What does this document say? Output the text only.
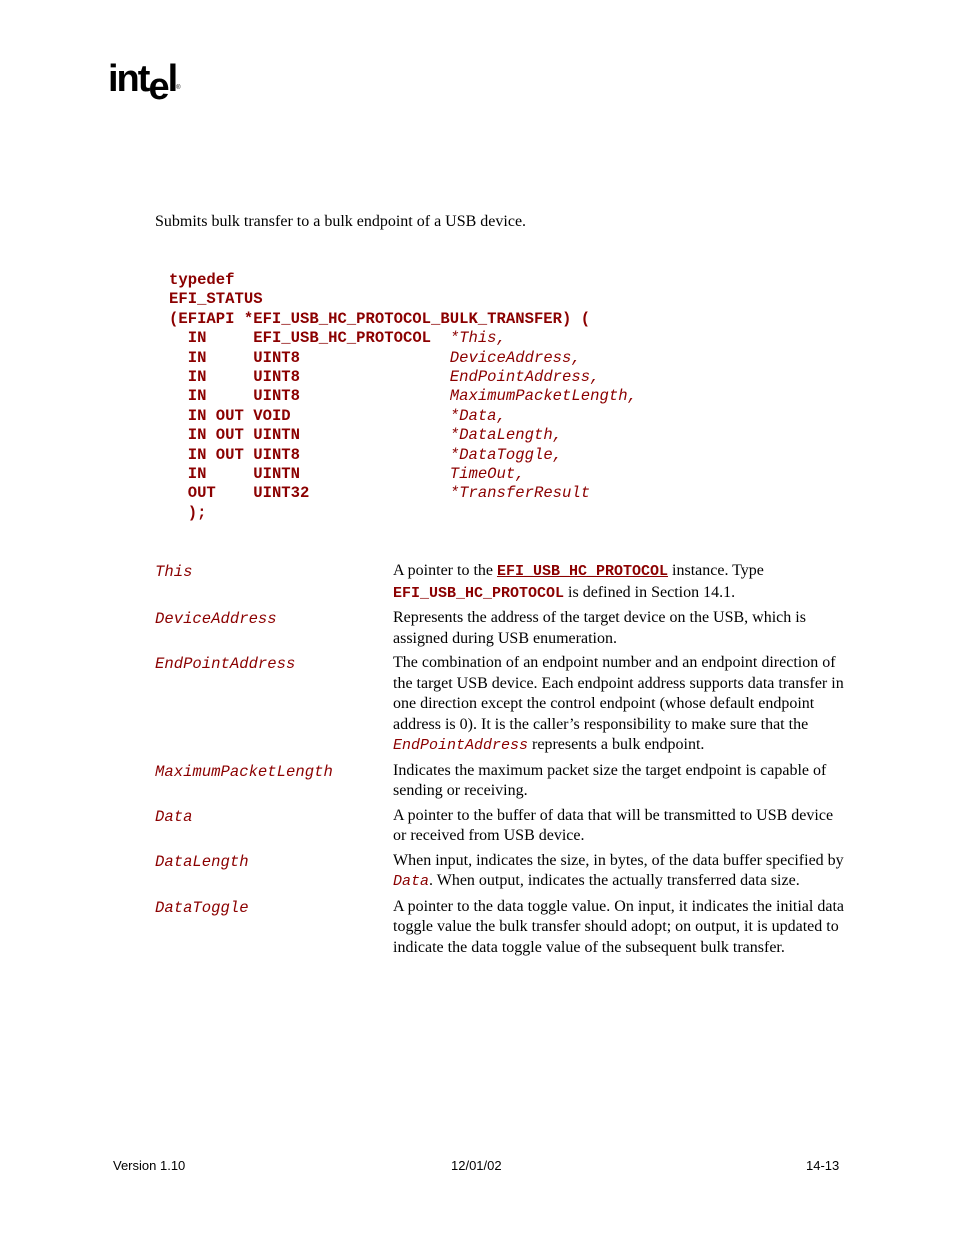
intel®
Submits bulk transfer to a bulk endpoint of a USB device.
typedef
EFI_STATUS
(EFIAPI *EFI_USB_HC_PROTOCOL_BULK_TRANSFER) (
IN     EFI_USB_HC_PROTOCOL  *This,
IN     UINT8                DeviceAddress,
IN     UINT8                EndPointAddress,
IN     UINT8                MaximumPacketLength,
IN OUT VOID                 *Data,
IN OUT UINTN                *DataLength,
IN OUT UINT8                *DataToggle,
IN     UINTN                TimeOut,
OUT    UINT32               *TransferResult
);
This	A pointer to the EFI_USB_HC_PROTOCOL instance. Type EFI_USB_HC_PROTOCOL is defined in Section 14.1.
DeviceAddress	Represents the address of the target device on the USB, which is assigned during USB enumeration.
EndPointAddress	The combination of an endpoint number and an endpoint direction of the target USB device. Each endpoint address supports data transfer in one direction except the control endpoint (whose default endpoint address is 0). It is the caller’s responsibility to make sure that the EndPointAddress represents a bulk endpoint.
MaximumPacketLength	Indicates the maximum packet size the target endpoint is capable of sending or receiving.
Data	A pointer to the buffer of data that will be transmitted to USB device or received from USB device.
DataLength	When input, indicates the size, in bytes, of the data buffer specified by Data. When output, indicates the actually transferred data size.
DataToggle	A pointer to the data toggle value. On input, it indicates the initial data toggle value the bulk transfer should adopt; on output, it is updated to indicate the data toggle value of the subsequent bulk transfer.
Version 1.10	12/01/02	14-13
